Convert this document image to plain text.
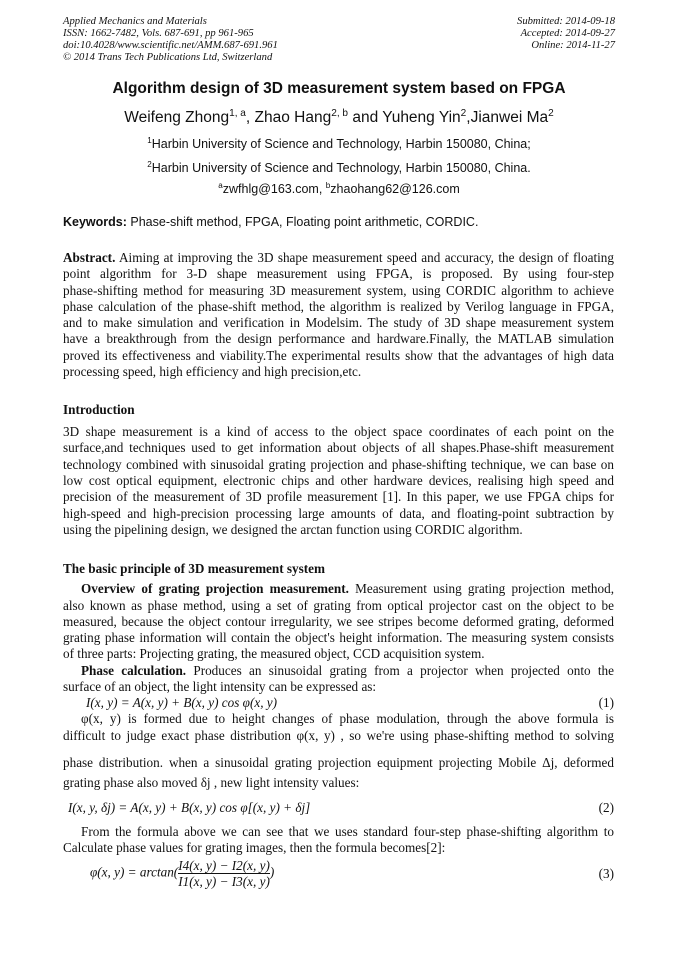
Applied Mechanics and Materials
ISSN: 1662-7482, Vols. 687-691, pp 961-965
doi:10.4028/www.scientific.net/AMM.687-691.961
© 2014 Trans Tech Publications Ltd, Switzerland
Submitted: 2014-09-18
Accepted: 2014-09-27
Online: 2014-11-27
Algorithm design of 3D measurement system based on FPGA
Weifeng Zhong$^{1, a}$, Zhao Hang$^{2, b}$ and Yuheng Yin$^2$,Jianwei Ma$^2$
$^1$Harbin University of Science and Technology, Harbin 150080, China;
$^2$Harbin University of Science and Technology, Harbin 150080, China.
$^a$zwfhlg@163.com, $^b$zhaohang62@126.com
Keywords: Phase-shift method, FPGA, Floating point arithmetic, CORDIC.
Abstract. Aiming at improving the 3D shape measurement speed and accuracy, the design of floating
point algorithm for 3-D shape measurement using FPGA, is proposed. By using four-step
phase-shifting method for measuring 3D measurement system, using CORDIC algorithm to achieve
phase calculation of the phase-shift method, the algorithm is realized by Verilog language in FPGA,
and to make simulation and verification in Modelsim. The study of 3D shape measurement system
have a breakthrough from the design performance and hardware.Finally, the MATLAB simulation
proved its effectiveness and viability.The experimental results show that the advantages of high data
processing speed, high efficiency and high precision,etc.
Introduction
3D shape measurement is a kind of access to the object space coordinates of each point on the
surface,and techniques used to get information about objects of all shapes.Phase-shift measurement
technology combined with sinusoidal grating projection and phase-shifting technique, we can base on
low cost optical equipment, electronic chips and other hardware devices, realising high speed and
precision of the measurement of 3D profile measurement [1]. In this paper, we use FPGA chips for
high-speed and high-precision processing large amounts of data, and floating-point subtraction by
using the pipelining design, we designed the arctan function using CORDIC algorithm.
The basic principle of 3D measurement system
Overview of grating projection measurement. Measurement using grating projection method,
also known as phase method, using a set of grating from optical projector cast on the object to be
measured, because the object contour irregularity, we see stripes become deformed grating, deformed
grating phase information will contain the object's height information. The measuring system consists
of three parts: Projecting grating, the measured object, CCD acquisition system.
Phase calculation. Produces an sinusoidal grating from a projector when projected onto the
surface of an object, the light intensity can be expressed as:
I(x, y) = A(x, y) + B(x, y) cos φ(x, y)	(1)
φ(x, y) is formed due to height changes of phase modulation, through the above formula is
difficult to judge exact phase distribution φ(x, y) , so we're using phase-shifting method to solving
phase distribution. when a sinusoidal grating projection equipment projecting Mobile Δj, deformed
grating phase also moved δj , new light intensity values:
I(x, y, δj) = A(x, y) + B(x, y) cos φ[(x, y) + δj]	(2)
From the formula above we can see that we uses standard four-step phase-shifting algorithm to
Calculate phase values for grating images, then the formula becomes[2]:
φ(x, $y) = \arctan( \frac{I4(x, y) - I2(x, y)}{I1(x, y) - I3(x, y)}$ )	(3)
